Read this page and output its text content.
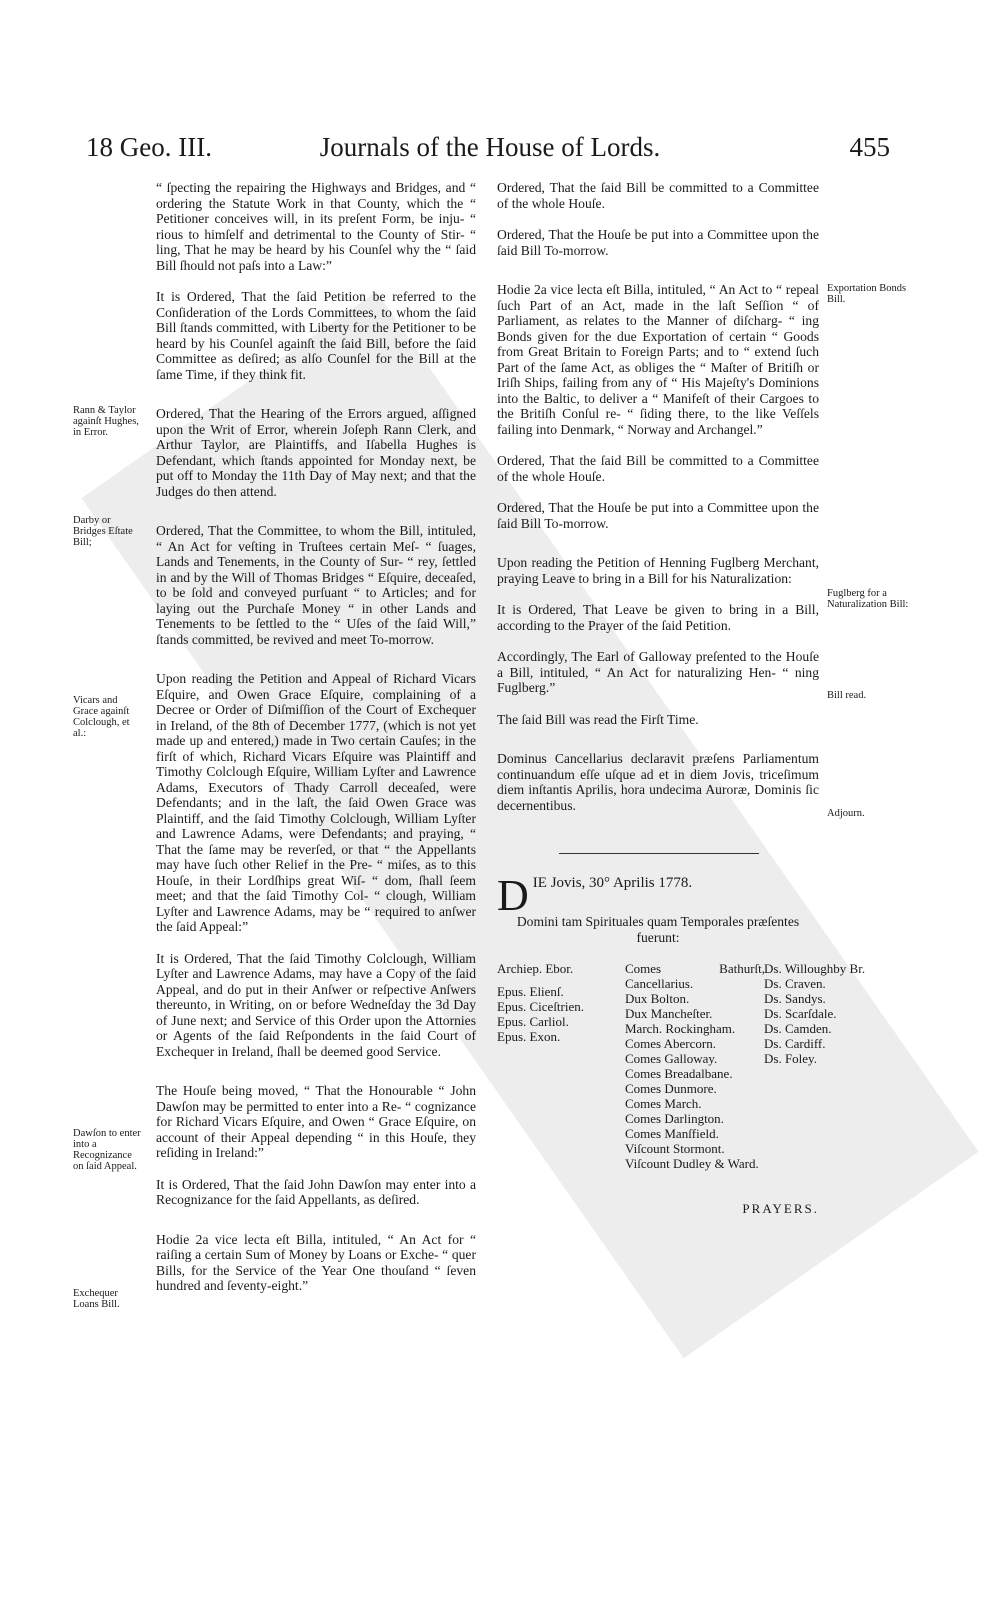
18 Geo. III.	Journals of the House of Lords.	455
Rann & Taylor againſt Hughes, in Error.
Darby or Bridges Eſtate Bill;
Vicars and Grace againſt Colclough, et al.:
Dawſon to enter into a Recognizance on ſaid Appeal.
Exchequer Loans Bill.
Exportation Bonds Bill.
Fuglberg for a Naturalization Bill:
Bill read.
Adjourn.

“ ſpecting the repairing the Highways and Bridges, and “ ordering the Statute Work in that County, which the “ Petitioner conceives will, in its preſent Form, be inju- “ rious to himſelf and detrimental to the County of Stir- “ ling, That he may be heard by his Counſel why the “ ſaid Bill ſhould not paſs into a Law:”

It is Ordered, That the ſaid Petition be referred to the Conſideration of the Lords Committees, to whom the ſaid Bill ſtands committed, with Liberty for the Petitioner to be heard by his Counſel againſt the ſaid Bill, before the ſaid Committee as deſired; as alſo Counſel for the Bill at the ſame Time, if they think fit.

Ordered, That the Hearing of the Errors argued, aſſigned upon the Writ of Error, wherein Joſeph Rann Clerk, and Arthur Taylor, are Plaintiffs, and Iſabella Hughes is Defendant, which ſtands appointed for Monday next, be put off to Monday the 11th Day of May next; and that the Judges do then attend.

Ordered, That the Committee, to whom the Bill, intituled, “ An Act for veſting in Truſtees certain Meſ- “ ſuages, Lands and Tenements, in the County of Sur- “ rey, ſettled in and by the Will of Thomas Bridges “ Eſquire, deceaſed, to be ſold and conveyed purſuant “ to Articles; and for laying out the Purchaſe Money “ in other Lands and Tenements to be ſettled to the “ Uſes of the ſaid Will,” ſtands committed, be revived and meet To-morrow.

Upon reading the Petition and Appeal of Richard Vicars Eſquire, and Owen Grace Eſquire, complaining of a Decree or Order of Diſmiſſion of the Court of Exchequer in Ireland, of the 8th of December 1777, (which is not yet made up and entered,) made in Two certain Cauſes; in the firſt of which, Richard Vicars Eſquire was Plaintiff and Timothy Colclough Eſquire, William Lyſter and Lawrence Adams, Executors of Thady Carroll deceaſed, were Defendants; and in the laſt, the ſaid Owen Grace was Plaintiff, and the ſaid Timothy Colclough, William Lyſter and Lawrence Adams, were Defendants; and praying, “ That the ſame may be reverſed, or that “ the Appellants may have ſuch other Relief in the Pre- “ miſes, as to this Houſe, in their Lordſhips great Wiſ- “ dom, ſhall ſeem meet; and that the ſaid Timothy Col- “ clough, William Lyſter and Lawrence Adams, may be “ required to anſwer the ſaid Appeal:”

It is Ordered, That the ſaid Timothy Colclough, William Lyſter and Lawrence Adams, may have a Copy of the ſaid Appeal, and do put in their Anſwer or reſpective Anſwers thereunto, in Writing, on or before Wedneſday the 3d Day of June next; and Service of this Order upon the Attornies or Agents of the ſaid Reſpondents in the ſaid Court of Exchequer in Ireland, ſhall be deemed good Service.

The Houſe being moved, “ That the Honourable “ John Dawſon may be permitted to enter into a Re- “ cognizance for Richard Vicars Eſquire, and Owen “ Grace Eſquire, on account of their Appeal depending “ in this Houſe, they reſiding in Ireland:”

It is Ordered, That the ſaid John Dawſon may enter into a Recognizance for the ſaid Appellants, as deſired.

Hodie 2a vice lecta eſt Billa, intituled, “ An Act for “ raiſing a certain Sum of Money by Loans or Exche- “ quer Bills, for the Service of the Year One thouſand “ ſeven hundred and ſeventy-eight.”

Ordered, That the ſaid Bill be committed to a Committee of the whole Houſe.

Ordered, That the Houſe be put into a Committee upon the ſaid Bill To-morrow.

Hodie 2a vice lecta eſt Billa, intituled, “ An Act to “ repeal ſuch Part of an Act, made in the laſt Seſſion “ of Parliament, as relates to the Manner of diſcharg- “ ing Bonds given for the due Exportation of certain “ Goods from Great Britain to Foreign Parts; and to “ extend ſuch Part of the ſame Act, as obliges the “ Maſter of Britiſh or Iriſh Ships, failing from any of “ His Majeſty's Dominions into the Baltic, to deliver a “ Manifeſt of their Cargoes to the Britiſh Conſul re- “ ſiding there, to the like Veſſels failing into Denmark, “ Norway and Archangel.”

Ordered, That the ſaid Bill be committed to a Committee of the whole Houſe.

Ordered, That the Houſe be put into a Committee upon the ſaid Bill To-morrow.

Upon reading the Petition of Henning Fuglberg Merchant, praying Leave to bring in a Bill for his Naturalization:

It is Ordered, That Leave be given to bring in a Bill, according to the Prayer of the ſaid Petition.

Accordingly, The Earl of Galloway preſented to the Houſe a Bill, intituled, “ An Act for naturalizing Hen- “ ning Fuglberg.”

The ſaid Bill was read the Firſt Time.

Dominus Cancellarius declaravit præſens Parliamentum continuandum eſſe uſque ad et in diem Jovis, triceſimum diem inſtantis Aprilis, hora undecima Auroræ, Dominis ſic decernentibus.

D IE Jovis, 30° Aprilis 1778.

Domini tam Spirituales quam Temporales præſentes fuerunt:

Archiep. Ebor.
Epus. Elienſ.
Epus. Ciceſtrien.
Epus. Carliol.
Epus. Exon.
Comes Bathurſt, Cancellarius.
Dux Bolton.
Dux Mancheſter.
March. Rockingham.
Comes Abercorn.
Comes Galloway.
Comes Breadalbane.
Comes Dunmore.
Comes March.
Comes Darlington.
Comes Manſfield.
Viſcount Stormont.
Viſcount Dudley & Ward.
Ds. Willoughby Br.
Ds. Craven.
Ds. Sandys.
Ds. Scarſdale.
Ds. Camden.
Ds. Cardiff.
Ds. Foley.
PRAYERS.
